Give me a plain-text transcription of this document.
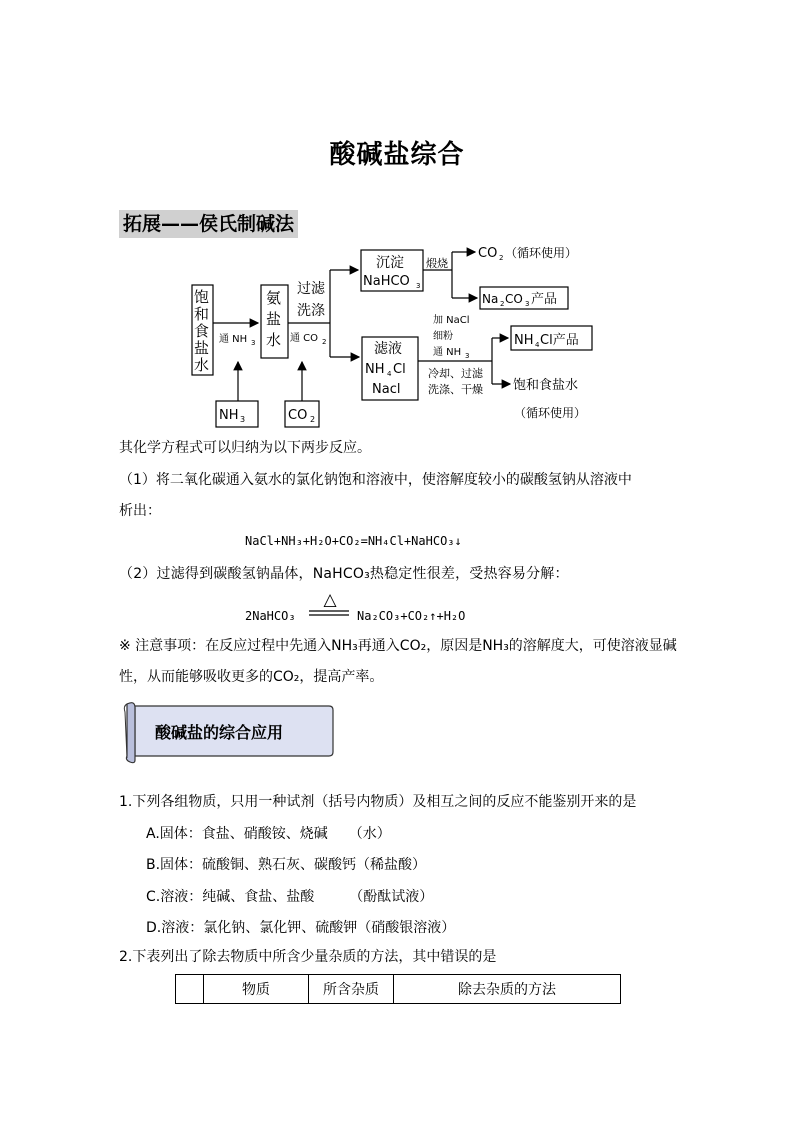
酸碱盐综合
拓展——侯氏制碱法
饱
和
食
盐
水
通 NH 3
氨
盐
水
过滤
洗涤
通 CO 2
NH 3	CO 2
沉淀
NaHCO 3
煅烧
CO 2 （循环使用）
Na 2 CO 3 产品
滤液
NH 4 Cl
Nacl
加 NaCl
细粉
通 NH 3
冷却、过滤
洗涤、干燥
NH 4 Cl产品
饱和食盐水
（循环使用）
其化学方程式可以归纳为以下两步反应。
（1）将二氧化碳通入氨水的氯化钠饱和溶液中，使溶解度较小的碳酸氢钠从溶液中
析出：
NaCl+NH₃+H₂O+CO₂=NH₄Cl+NaHCO₃↓
（2）过滤得到碳酸氢钠晶体，NaHCO₃热稳定性很差，受热容易分解：
2NaHCO₃
△
Na₂CO₃+CO₂↑+H₂O
※ 注意事项：在反应过程中先通入NH₃再通入CO₂，原因是NH₃的溶解度大，可使溶液显碱
性，从而能够吸收更多的CO₂，提高产率。
酸碱盐的综合应用
1.下列各组物质，只用一种试剂（括号内物质）及相互之间的反应不能鉴别开来的是
A.固体：食盐、硝酸铵、烧碱　　（水）
B.固体：硫酸铜、熟石灰、碳酸钙（稀盐酸）
C.溶液：纯碱、食盐、盐酸　　　（酚酞试液）
D.溶液：氯化钠、氯化钾、硫酸钾（硝酸银溶液）
2.下表列出了除去物质中所含少量杂质的方法，其中错误的是
	物质	所含杂质	除去杂质的方法
